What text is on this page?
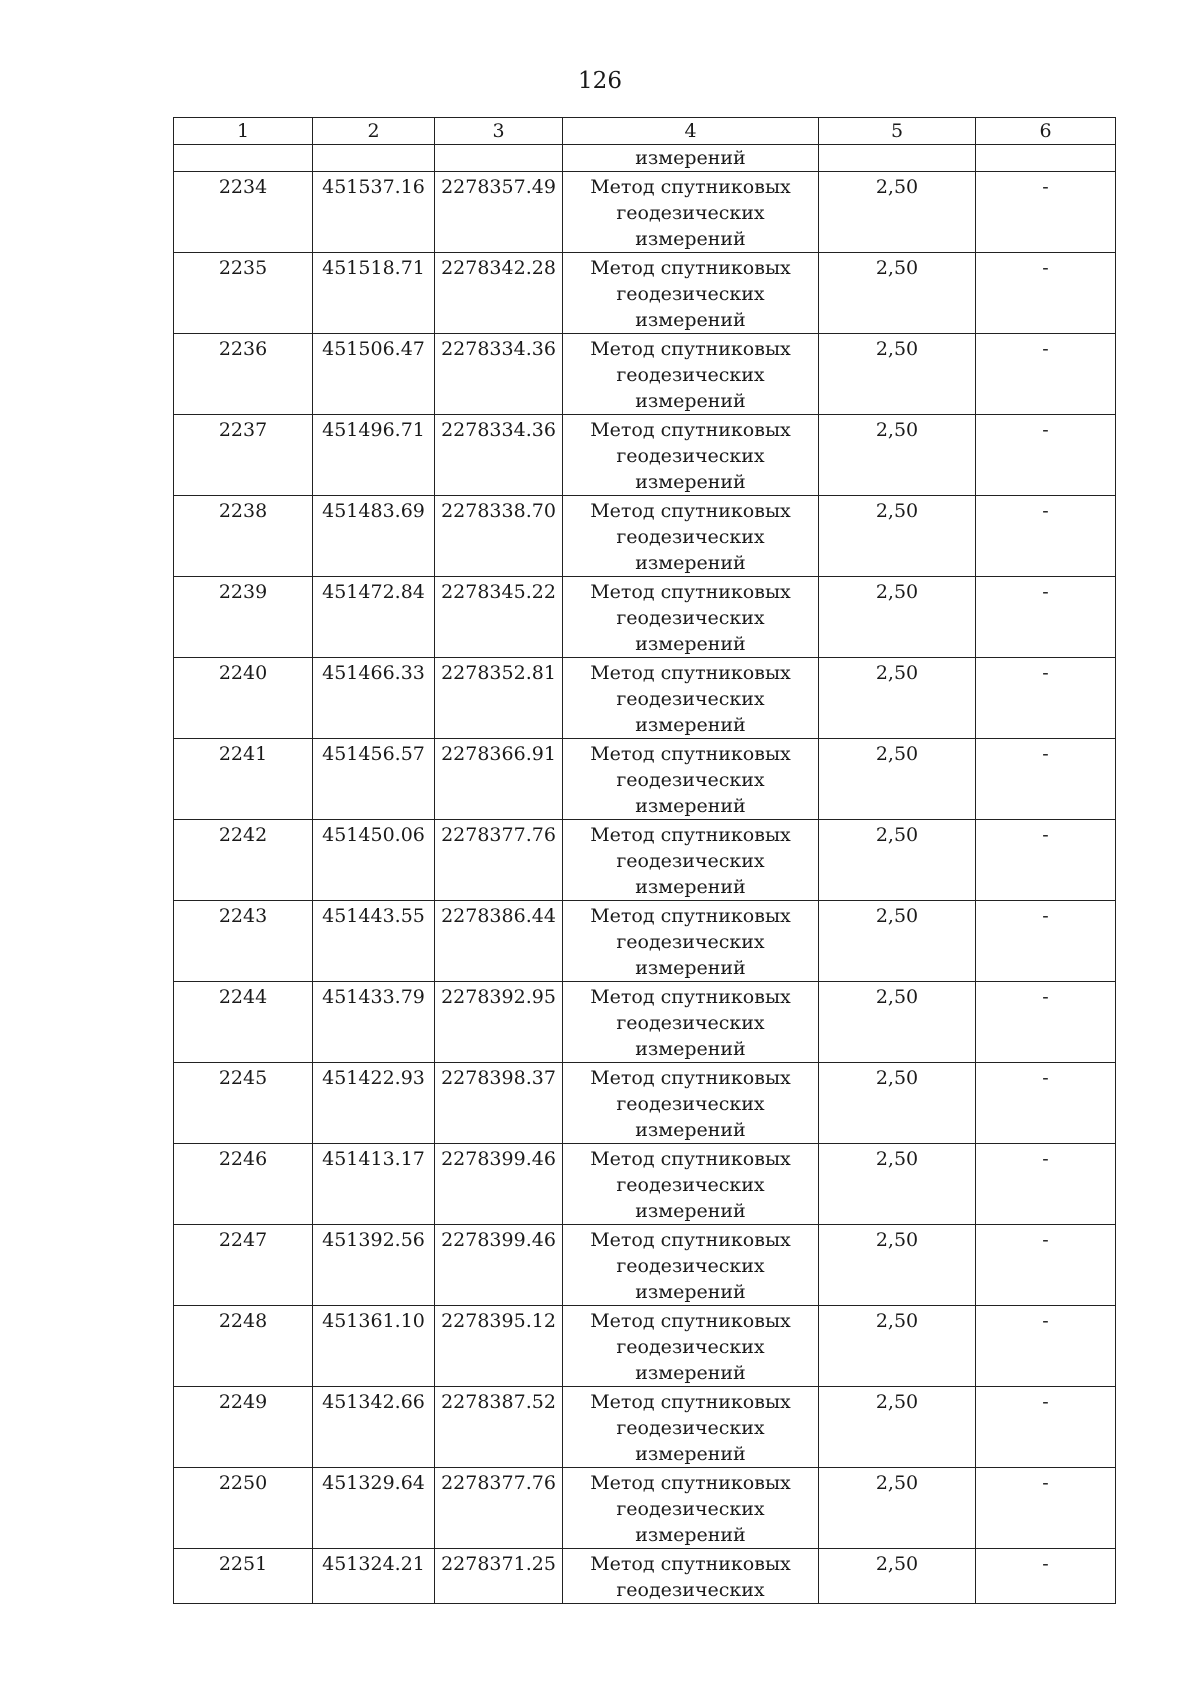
126
1	2	3	4	5	6
			измерений		
2234	451537.16	2278357.49	Метод спутниковых
геодезических
измерений	2,50	-
2235	451518.71	2278342.28	Метод спутниковых
геодезических
измерений	2,50	-
2236	451506.47	2278334.36	Метод спутниковых
геодезических
измерений	2,50	-
2237	451496.71	2278334.36	Метод спутниковых
геодезических
измерений	2,50	-
2238	451483.69	2278338.70	Метод спутниковых
геодезических
измерений	2,50	-
2239	451472.84	2278345.22	Метод спутниковых
геодезических
измерений	2,50	-
2240	451466.33	2278352.81	Метод спутниковых
геодезических
измерений	2,50	-
2241	451456.57	2278366.91	Метод спутниковых
геодезических
измерений	2,50	-
2242	451450.06	2278377.76	Метод спутниковых
геодезических
измерений	2,50	-
2243	451443.55	2278386.44	Метод спутниковых
геодезических
измерений	2,50	-
2244	451433.79	2278392.95	Метод спутниковых
геодезических
измерений	2,50	-
2245	451422.93	2278398.37	Метод спутниковых
геодезических
измерений	2,50	-
2246	451413.17	2278399.46	Метод спутниковых
геодезических
измерений	2,50	-
2247	451392.56	2278399.46	Метод спутниковых
геодезических
измерений	2,50	-
2248	451361.10	2278395.12	Метод спутниковых
геодезических
измерений	2,50	-
2249	451342.66	2278387.52	Метод спутниковых
геодезических
измерений	2,50	-
2250	451329.64	2278377.76	Метод спутниковых
геодезических
измерений	2,50	-
2251	451324.21	2278371.25	Метод спутниковых
геодезических	2,50	-
